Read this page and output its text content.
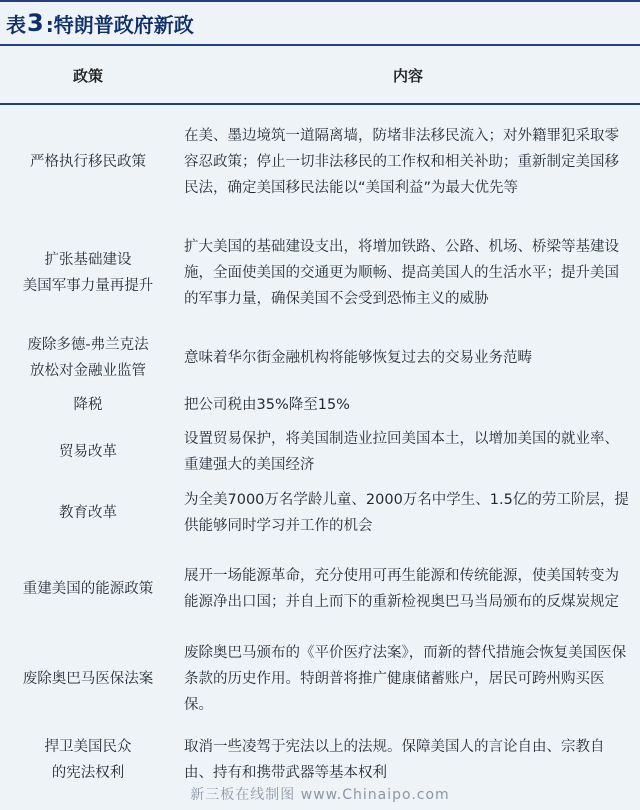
表 3 :特朗普政府新政
政策	内容

严格执行移民政策	在美、墨边境筑一道隔离墙，防堵非法移民流入；对外籍罪犯采取零容忍政策；停止一切非法移民的工作权和相关补助；重新制定美国移民法，确定美国移民法能以“美国利益”为最大优先等

扩张基础建设
美国军事力量再提升	扩大美国的基础建设支出，将增加铁路、公路、机场、桥梁等基建设施，全面使美国的交通更为顺畅、提高美国人的生活水平；提升美国的军事力量，确保美国不会受到恐怖主义的威胁

废除多德-弗兰克法
放松对金融业监管	意味着华尔街金融机构将能够恢复过去的交易业务范畴

降税	把公司税由35%降至15%

贸易改革	设置贸易保护，将美国制造业拉回美国本土，以增加美国的就业率、重建强大的美国经济

教育改革	为全美7000万名学龄儿童、2000万名中学生、1.5亿的劳工阶层，提供能够同时学习并工作的机会

重建美国的能源政策	展开一场能源革命，充分使用可再生能源和传统能源，使美国转变为能源净出口国；并自上而下的重新检视奥巴马当局颁布的反煤炭规定

废除奥巴马医保法案	废除奥巴马颁布的《平价医疗法案》，而新的替代措施会恢复美国医保条款的历史作用。特朗普将推广健康储蓄账户，居民可跨州购买医保。

捍卫美国民众
的宪法权利	取消一些凌驾于宪法以上的法规。保障美国人的言论自由、宗教自由、持有和携带武器等基本权利
新三板在线制图 www.Chinaipo.com
